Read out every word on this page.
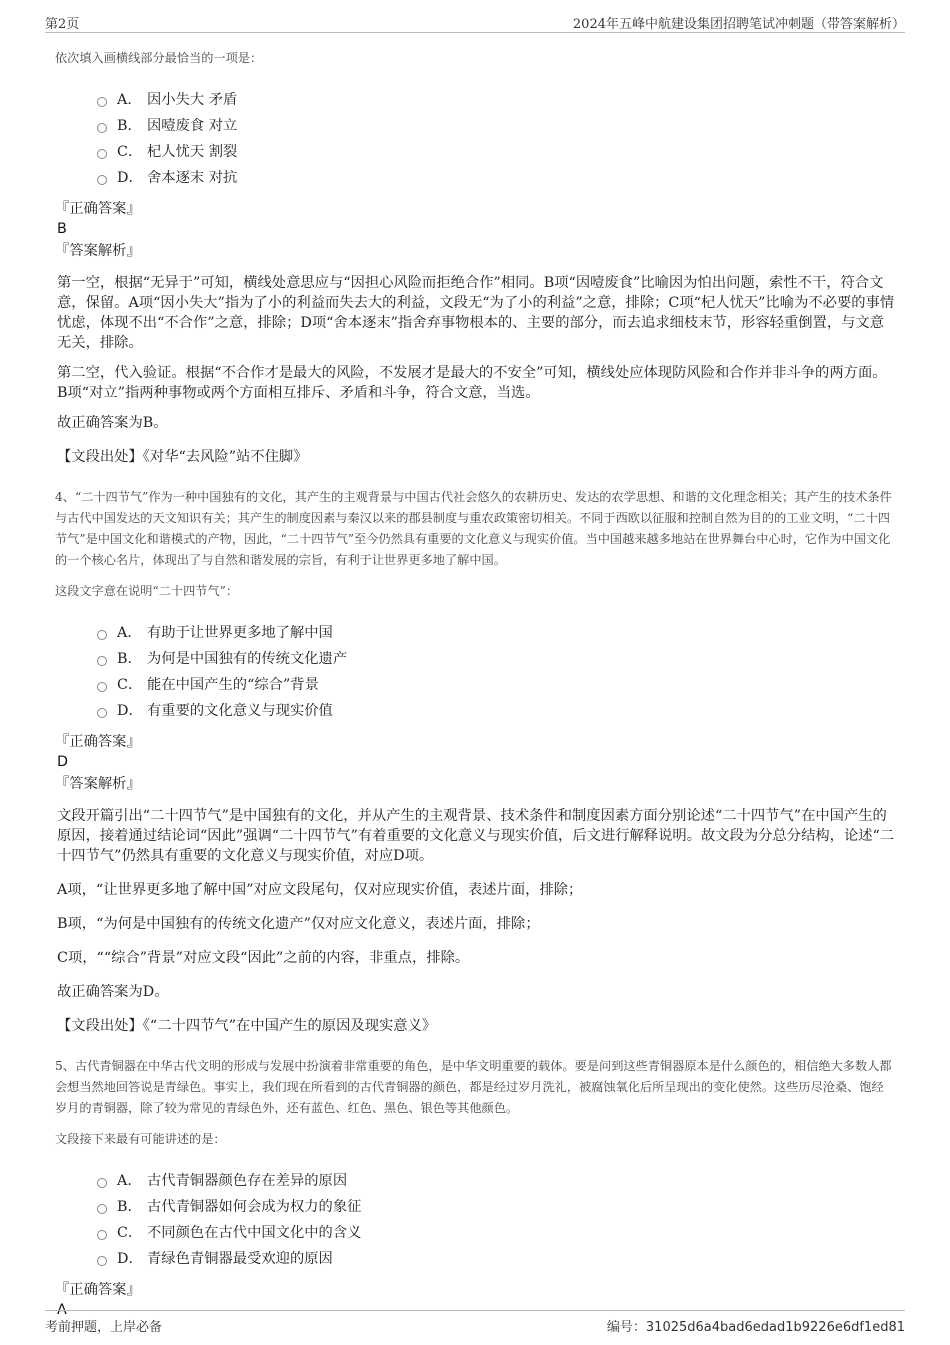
第2页	2024年五峰中航建设集团招聘笔试冲刺题（带答案解析）

依次填入画横线部分最恰当的一项是：

A． 因小失大 矛盾
B． 因噎废食 对立
C． 杞人忧天 割裂
D． 舍本逐末 对抗

『正确答案』

B

『答案解析』

第一空，根据“无异于”可知，横线处意思应与“因担心风险而拒绝合作”相同。B项“因噎废食”比喻因为怕出问题，索性不干，符合文意，保留。A项“因小失大”指为了小的利益而失去大的利益，文段无“为了小的利益”之意，排除；C项“杞人忧天”比喻为不必要的事情忧虑，体现不出“不合作”之意，排除；D项“舍本逐末”指舍弃事物根本的、主要的部分，而去追求细枝末节，形容轻重倒置，与文意无关，排除。

第二空，代入验证。根据“不合作才是最大的风险，不发展才是最大的不安全”可知，横线处应体现防风险和合作并非斗争的两方面。B项“对立”指两种事物或两个方面相互排斥、矛盾和斗争，符合文意，当选。

故正确答案为B。

【文段出处】《对华“去风险”站不住脚》

4、“二十四节气”作为一种中国独有的文化，其产生的主观背景与中国古代社会悠久的农耕历史、发达的农学思想、和谐的文化理念相关；其产生的技术条件与古代中国发达的天文知识有关；其产生的制度因素与秦汉以来的郡县制度与重农政策密切相关。不同于西欧以征服和控制自然为目的的工业文明，“二十四节气”是中国文化和谐模式的产物，因此，“二十四节气”至今仍然具有重要的文化意义与现实价值。当中国越来越多地站在世界舞台中心时，它作为中国文化的一个核心名片，体现出了与自然和谐发展的宗旨，有利于让世界更多地了解中国。

这段文字意在说明“二十四节气”：

A． 有助于让世界更多地了解中国
B． 为何是中国独有的传统文化遗产
C． 能在中国产生的“综合”背景
D． 有重要的文化意义与现实价值

『正确答案』

D

『答案解析』

文段开篇引出“二十四节气”是中国独有的文化，并从产生的主观背景、技术条件和制度因素方面分别论述“二十四节气”在中国产生的原因，接着通过结论词“因此”强调“二十四节气”有着重要的文化意义与现实价值，后文进行解释说明。故文段为分总分结构，论述“二十四节气”仍然具有重要的文化意义与现实价值，对应D项。

A项，“让世界更多地了解中国”对应文段尾句，仅对应现实价值，表述片面，排除；

B项，“为何是中国独有的传统文化遗产”仅对应文化意义，表述片面，排除；

C项，““综合”背景”对应文段“因此”之前的内容，非重点，排除。

故正确答案为D。

【文段出处】《“二十四节气”在中国产生的原因及现实意义》

5、古代青铜器在中华古代文明的形成与发展中扮演着非常重要的角色，是中华文明重要的载体。要是问到这些青铜器原本是什么颜色的，相信绝大多数人都会想当然地回答说是青绿色。事实上，我们现在所看到的古代青铜器的颜色，都是经过岁月洗礼，被腐蚀氧化后所呈现出的变化使然。这些历尽沧桑、饱经岁月的青铜器，除了较为常见的青绿色外，还有蓝色、红色、黑色、银色等其他颜色。

文段接下来最有可能讲述的是：

A． 古代青铜器颜色存在差异的原因
B． 古代青铜器如何会成为权力的象征
C． 不同颜色在古代中国文化中的含义
D． 青绿色青铜器最受欢迎的原因

『正确答案』

A

考前押题，上岸必备	编号：31025d6a4bad6edad1b9226e6df1ed81
